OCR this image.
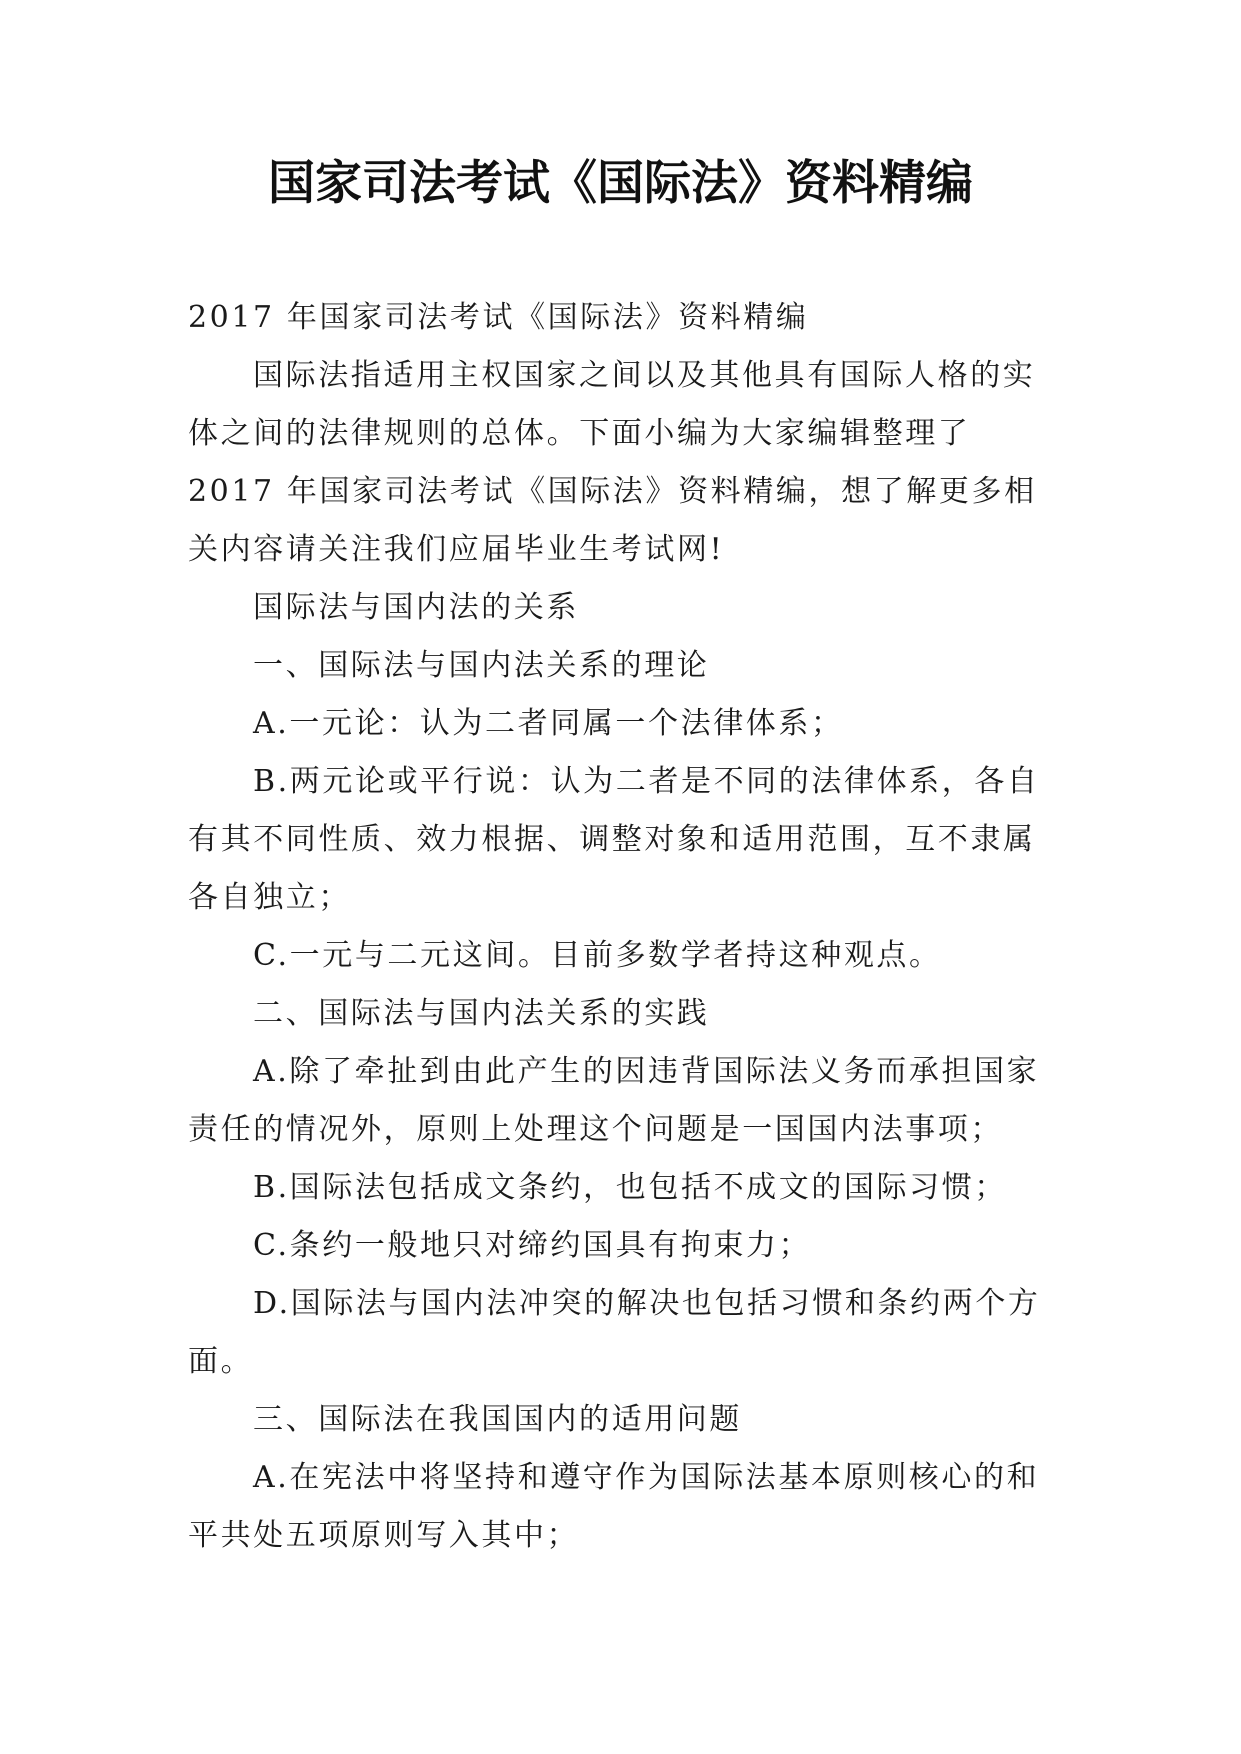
国家司法考试《国际法》资料精编

2017 年国家司法考试《国际法》资料精编

国际法指适用主权国家之间以及其他具有国际人格的实体之间的法律规则的总体。下面小编为大家编辑整理了 2017 年国家司法考试《国际法》资料精编，想了解更多相关内容请关注我们应届毕业生考试网!

国际法与国内法的关系

一、国际法与国内法关系的理论

A.一元论：认为二者同属一个法律体系；

B.两元论或平行说：认为二者是不同的法律体系，各自有其不同性质、效力根据、调整对象和适用范围，互不隶属各自独立；

C.一元与二元这间。目前多数学者持这种观点。

二、国际法与国内法关系的实践

A.除了牵扯到由此产生的因违背国际法义务而承担国家责任的情况外，原则上处理这个问题是一国国内法事项；

B.国际法包括成文条约，也包括不成文的国际习惯；

C.条约一般地只对缔约国具有拘束力；

D.国际法与国内法冲突的解决也包括习惯和条约两个方面。

三、国际法在我国国内的适用问题

A.在宪法中将坚持和遵守作为国际法基本原则核心的和平共处五项原则写入其中；
